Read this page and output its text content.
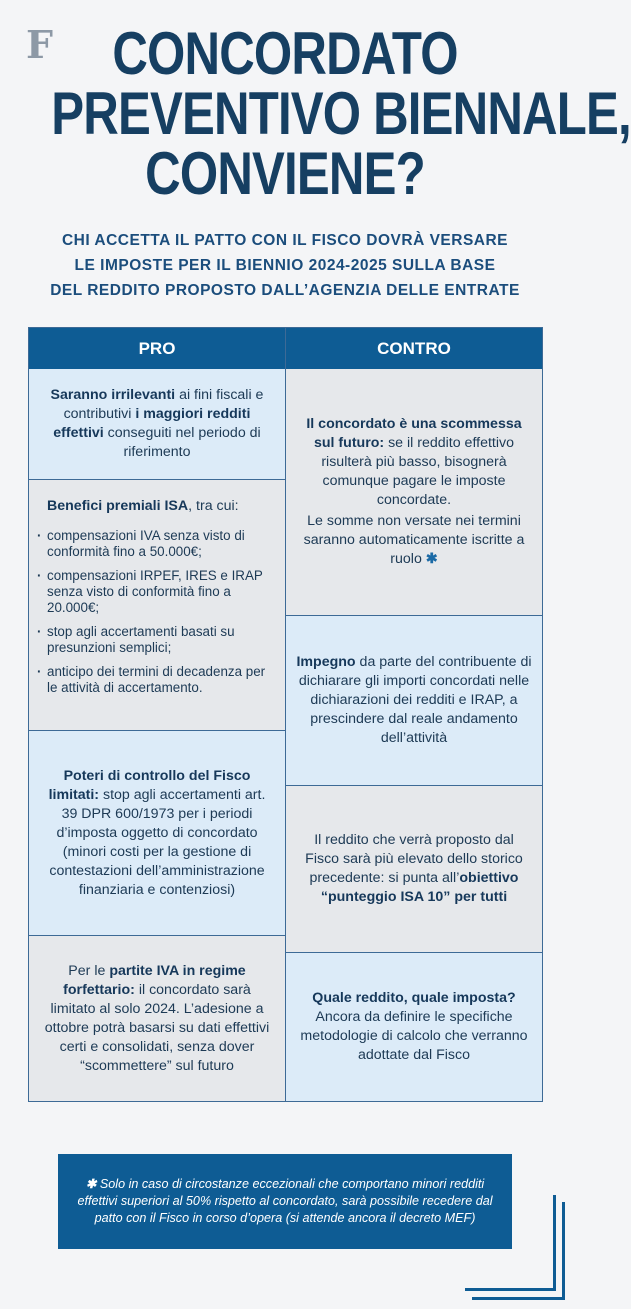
F	CONCORDATO
PREVENTIVO BIENNALE,
CONVIENE?
CHI ACCETTA IL PATTO CON IL FISCO DOVRÀ VERSARE
LE IMPOSTE PER IL BIENNIO 2024-2025 SULLA BASE
DEL REDDITO PROPOSTO DALL’AGENZIA DELLE ENTRATE
PRO	CONTRO

Saranno irrilevanti ai fini fiscali e contributivi i maggiori redditi effettivi conseguiti nel periodo di riferimento

Benefici premiali ISA, tra cui:

· compensazioni IVA senza visto di conformità fino a 50.000€;
· compensazioni IRPEF, IRES e IRAP senza visto di conformità fino a 20.000€;
· stop agli accertamenti basati su presunzioni semplici;
· anticipo dei termini di decadenza per le attività di accertamento.

Poteri di controllo del Fisco limitati: stop agli accertamenti art. 39 DPR 600/1973 per i periodi d’imposta oggetto di concordato (minori costi per la gestione di contestazioni dell’amministrazione finanziaria e contenziosi)

Per le partite IVA in regime forfettario: il concordato sarà limitato al solo 2024. L’adesione a ottobre potrà basarsi su dati effettivi certi e consolidati, senza dover “scommettere” sul futuro

Il concordato è una scommessa sul futuro: se il reddito effettivo risulterà più basso, bisognerà comunque pagare le imposte concordate.

Le somme non versate nei termini saranno automaticamente iscritte a ruolo ✱

Impegno da parte del contribuente di dichiarare gli importi concordati nelle dichiarazioni dei redditi e IRAP, a prescindere dal reale andamento dell’attività

Il reddito che verrà proposto dal Fisco sarà più elevato dello storico precedente: si punta all’obiettivo “punteggio ISA 10” per tutti

Quale reddito, quale imposta? Ancora da definire le specifiche metodologie di calcolo che verranno adottate dal Fisco

✱ Solo in caso di circostanze eccezionali che comportano minori redditi effettivi superiori al 50% rispetto al concordato, sarà possibile recedere dal patto con il Fisco in corso d’opera (si attende ancora il decreto MEF)
